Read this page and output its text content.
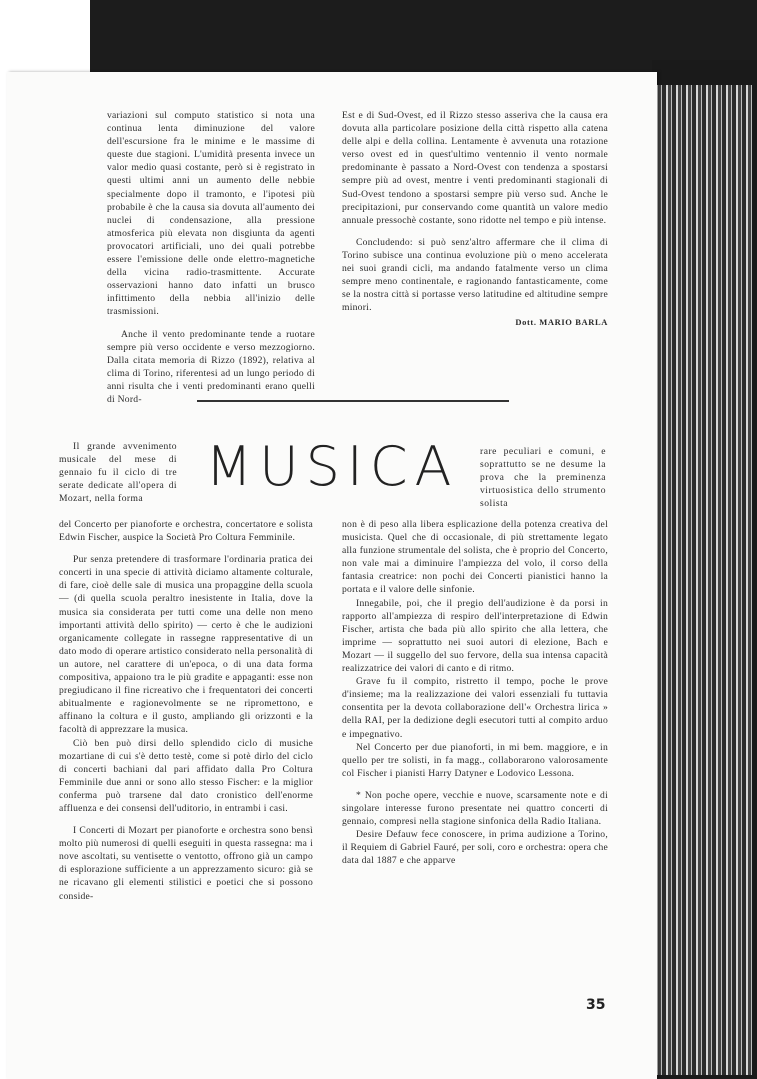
variazioni sul computo statistico si nota una continua lenta diminuzione del valore dell'escursione fra le minime e le massime di queste due stagioni. L'umidità presenta invece un valor medio quasi costante, però si è registrato in questi ultimi anni un aumento delle nebbie specialmente dopo il tramonto, e l'ipotesi più probabile è che la causa sia dovuta all'aumento dei nuclei di condensazione, alla pressione atmosferica più elevata non disgiunta da agenti provocatori artificiali, uno dei quali potrebbe essere l'emissione delle onde elettro-magnetiche della vicina radio-trasmittente. Accurate osservazioni hanno dato infatti un brusco infittimento della nebbia all'inizio delle trasmissioni.

Anche il vento predominante tende a ruotare sempre più verso occidente e verso mezzogiorno. Dalla citata memoria di Rizzo (1892), relativa al clima di Torino, riferentesi ad un lungo periodo di anni risulta che i venti predominanti erano quelli di Nord-

Est e di Sud-Ovest, ed il Rizzo stesso asseriva che la causa era dovuta alla particolare posizione della città rispetto alla catena delle alpi e della collina. Lentamente è avvenuta una rotazione verso ovest ed in quest'ultimo ventennio il vento normale predominante è passato a Nord-Ovest con tendenza a spostarsi sempre più ad ovest, mentre i venti predominanti stagionali di Sud-Ovest tendono a spostarsi sempre più verso sud. Anche le precipitazioni, pur conservando come quantità un valore medio annuale pressochè costante, sono ridotte nel tempo e più intense.

Concludendo: si può senz'altro affermare che il clima di Torino subisce una continua evoluzione più o meno accelerata nei suoi grandi cicli, ma andando fatalmente verso un clima sempre meno continentale, e ragionando fantasticamente, come se la nostra città si portasse verso latitudine ed altitudine sempre minori.

Dott. MARIO BARLA
MUSICA

Il grande avvenimento musicale del mese di gennaio fu il ciclo di tre serate dedicate all'opera di Mozart, nella forma

rare peculiari e comuni, e soprattutto se ne desume la prova che la preminenza virtuosistica dello strumento solista

del Concerto per pianoforte e orchestra, concertatore e solista Edwin Fischer, auspice la Società Pro Coltura Femminile.

Pur senza pretendere di trasformare l'ordinaria pratica dei concerti in una specie di attività diciamo altamente colturale, di fare, cioè delle sale di musica una propaggine della scuola — (di quella scuola peraltro inesistente in Italia, dove la musica sia considerata per tutti come una delle non meno importanti attività dello spirito) — certo è che le audizioni organicamente collegate in rassegne rappresentative di un dato modo di operare artistico considerato nella personalità di un autore, nel carattere di un'epoca, o di una data forma compositiva, appaiono tra le più gradite e appaganti: esse non pregiudicano il fine ricreativo che i frequentatori dei concerti abitualmente e ragionevolmente se ne ripromettono, e affinano la coltura e il gusto, ampliando gli orizzonti e la facoltà di apprezzare la musica.

Ciò ben può dirsi dello splendido ciclo di musiche mozartiane di cui s'è detto testè, come si potè dirlo del ciclo di concerti bachiani dal pari affidato dalla Pro Coltura Femminile due anni or sono allo stesso Fischer: e la miglior conferma può trarsene dal dato cronistico dell'enorme affluenza e dei consensi dell'uditorio, in entrambi i casi.

I Concerti di Mozart per pianoforte e orchestra sono bensì molto più numerosi di quelli eseguiti in questa rassegna: ma i nove ascoltati, su ventisette o ventotto, offrono già un campo di esplorazione sufficiente a un apprezzamento sicuro: già se ne ricavano gli elementi stilistici e poetici che si possono conside-

non è di peso alla libera esplicazione della potenza creativa del musicista. Quel che di occasionale, di più strettamente legato alla funzione strumentale del solista, che è proprio del Concerto, non vale mai a diminuire l'ampiezza del volo, il corso della fantasia creatrice: non pochi dei Concerti pianistici hanno la portata e il valore delle sinfonie.

Innegabile, poi, che il pregio dell'audizione è da porsi in rapporto all'ampiezza di respiro dell'interpretazione di Edwin Fischer, artista che bada più allo spirito che alla lettera, che imprime — soprattutto nei suoi autori di elezione, Bach e Mozart — il suggello del suo fervore, della sua intensa capacità realizzatrice dei valori di canto e di ritmo.

Grave fu il compito, ristretto il tempo, poche le prove d'insieme; ma la realizzazione dei valori essenziali fu tuttavia consentita per la devota collaborazione dell'« Orchestra lirica » della RAI, per la dedizione degli esecutori tutti al compito arduo e impegnativo.

Nel Concerto per due pianoforti, in mi bem. maggiore, e in quello per tre solisti, in fa magg., collaborarono valorosamente col Fischer i pianisti Harry Datyner e Lodovico Lessona.

* Non poche opere, vecchie e nuove, scarsamente note e di singolare interesse furono presentate nei quattro concerti di gennaio, compresi nella stagione sinfonica della Radio Italiana.

Desire Defauw fece conoscere, in prima audizione a Torino, il Requiem di Gabriel Fauré, per soli, coro e orchestra: opera che data dal 1887 e che apparve

35
